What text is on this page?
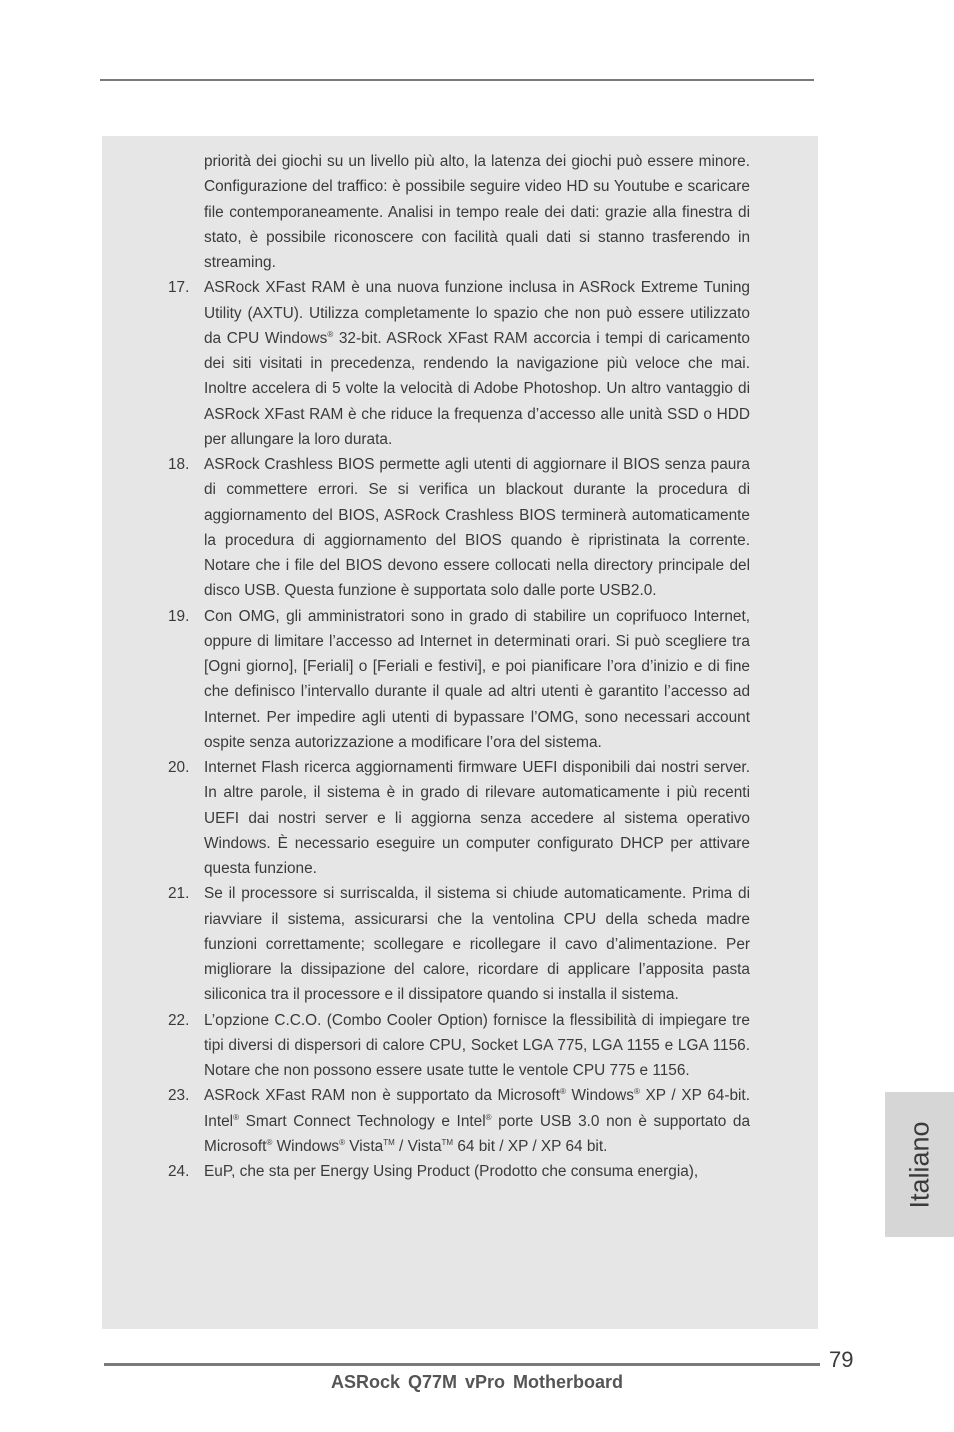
priorità dei giochi su un livello più alto, la latenza dei giochi può essere minore. Configurazione del traffico: è possibile seguire video HD su Youtube e scaricare file contemporaneamente. Analisi in tempo reale dei dati: grazie alla finestra di stato, è possibile riconoscere con facilità quali dati si stanno trasferendo in streaming.

17. ASRock XFast RAM è una nuova funzione inclusa in ASRock Extreme Tuning Utility (AXTU). Utilizza completamente lo spazio che non può essere utilizzato da CPU Windows® 32-bit. ASRock XFast RAM accorcia i tempi di caricamento dei siti visitati in precedenza, rendendo la navigazione più veloce che mai. Inoltre accelera di 5 volte la velocità di Adobe Photoshop. Un altro vantaggio di ASRock XFast RAM è che riduce la frequenza d’accesso alle unità SSD o HDD per allungare la loro durata.
18. ASRock Crashless BIOS permette agli utenti di aggiornare il BIOS senza paura di commettere errori. Se si verifica un blackout durante la procedura di aggiornamento del BIOS, ASRock Crashless BIOS terminerà automaticamente la procedura di aggiornamento del BIOS quando è ripristinata la corrente. Notare che i file del BIOS devono essere collocati nella directory principale del disco USB. Questa funzione è supportata solo dalle porte USB2.0.
19. Con OMG, gli amministratori sono in grado di stabilire un coprifuoco Internet, oppure di limitare l’accesso ad Internet in determinati orari. Si può scegliere tra [Ogni giorno], [Feriali] o [Feriali e festivi], e poi pianificare l’ora d’inizio e di fine che definisco l’intervallo durante il quale ad altri utenti è garantito l’accesso ad Internet. Per impedire agli utenti di bypassare l’OMG, sono necessari account ospite senza autorizzazione a modificare l’ora del sistema.
20. Internet Flash ricerca aggiornamenti firmware UEFI disponibili dai nostri server. In altre parole, il sistema è in grado di rilevare automaticamente i più recenti UEFI dai nostri server e li aggiorna senza accedere al sistema operativo Windows. È necessario eseguire un computer configurato DHCP per attivare questa funzione.
21. Se il processore si surriscalda, il sistema si chiude automaticamente. Prima di riavviare il sistema, assicurarsi che la ventolina CPU della scheda madre funzioni correttamente; scollegare e ricollegare il cavo d’alimentazione. Per migliorare la dissipazione del calore, ricordare di applicare l’apposita pasta siliconica tra il processore e il dissipatore quando si installa il sistema.
22. L’opzione C.C.O. (Combo Cooler Option) fornisce la flessibilità di impiegare tre tipi diversi di dispersori di calore CPU, Socket LGA 775, LGA 1155 e LGA 1156. Notare che non possono essere usate tutte le ventole CPU 775 e 1156.
23. ASRock XFast RAM non è supportato da Microsoft® Windows® XP / XP 64-bit. Intel® Smart Connect Technology e Intel® porte USB 3.0 non è supportato da Microsoft® Windows® Vista™ / Vista™ 64 bit / XP / XP 64 bit.
24. EuP, che sta per Energy Using Product (Prodotto che consuma energia),	Italiano
79
ASRock Q77M vPro Motherboard
